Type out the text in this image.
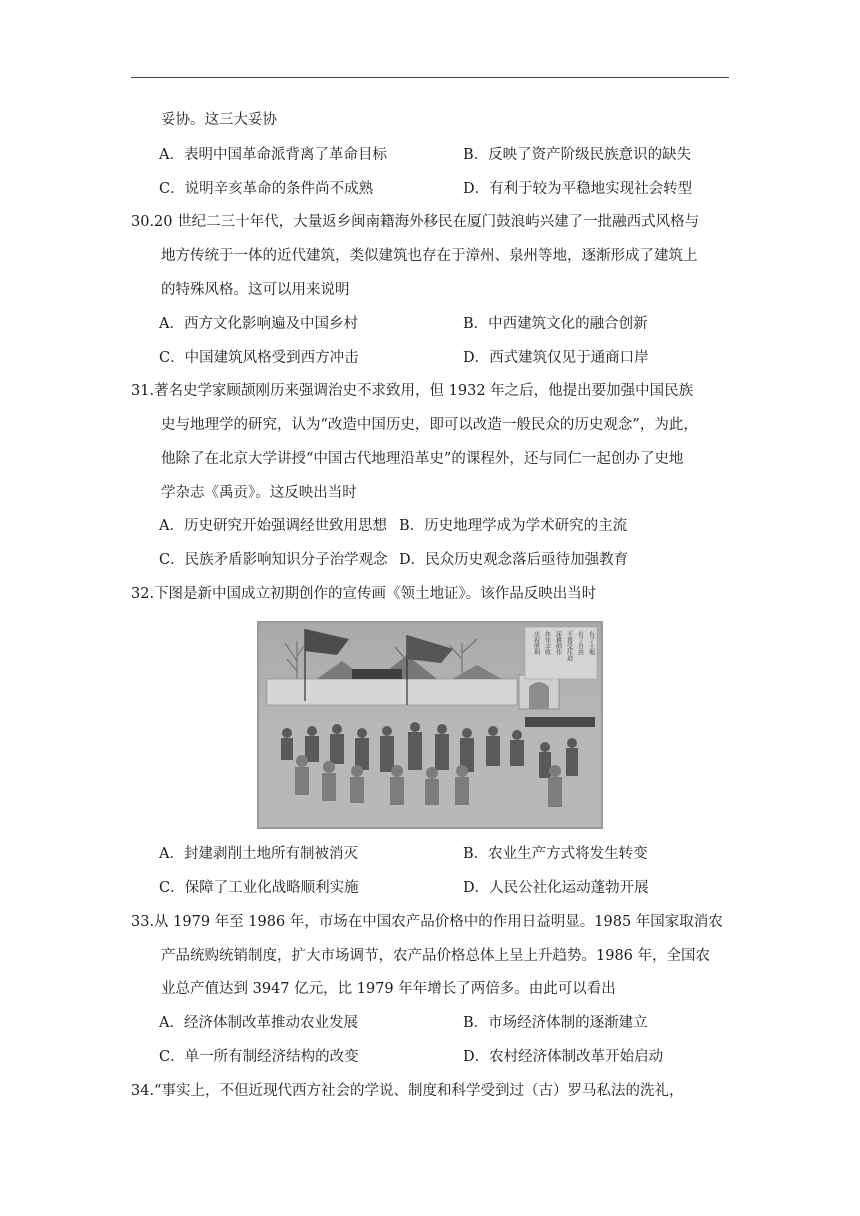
妥协。这三大妥协
A．表明中国革命派背离了革命目标	B．反映了资产阶级民族意识的缺失
C．说明辛亥革命的条件尚不成熟	D．有利于较为平稳地实现社会转型
30.20 世纪二三十年代，大量返乡闽南籍海外移民在厦门鼓浪屿兴建了一批融西式风格与
地方传统于一体的近代建筑，类似建筑也存在于漳州、泉州等地，逐渐形成了建筑上
的特殊风格。这可以用来说明
A．西方文化影响遍及中国乡村	B．中西建筑文化的融合创新
C．中国建筑风格受到西方冲击	D．西式建筑仅见于通商口岸
31.著名史学家顾颉刚历来强调治史不求致用，但 1932 年之后，他提出要加强中国民族
史与地理学的研究，认为“改造中国历史，即可以改造一般民众的历史观念”，为此，
他除了在北京大学讲授“中国古代地理沿革史”的课程外，还与同仁一起创办了史地
学杂志《禹贡》。这反映出当时
A．历史研究开始强调经世致用思想 B．历史地理学成为学术研究的主流
C．民族矛盾影响知识分子治学观念 D．民众历史观念落后亟待加强教育
32.下图是新中国成立初期创作的宣传画《领土地证》。该作品反映出当时
有了土地
有了自由
不再受压迫
深耕细作
年年丰收
庆祝胜利
A．封建剥削土地所有制被消灭	B．农业生产方式将发生转变
C．保障了工业化战略顺利实施	D．人民公社化运动蓬勃开展
33.从 1979 年至 1986 年，市场在中国农产品价格中的作用日益明显。1985 年国家取消农
产品统购统销制度，扩大市场调节，农产品价格总体上呈上升趋势。1986 年，全国农
业总产值达到 3947 亿元，比 1979 年年增长了两倍多。由此可以看出
A．经济体制改革推动农业发展	B．市场经济体制的逐渐建立
C．单一所有制经济结构的改变	D．农村经济体制改革开始启动
34.“事实上，不但近现代西方社会的学说、制度和科学受到过（古）罗马私法的洗礼，
